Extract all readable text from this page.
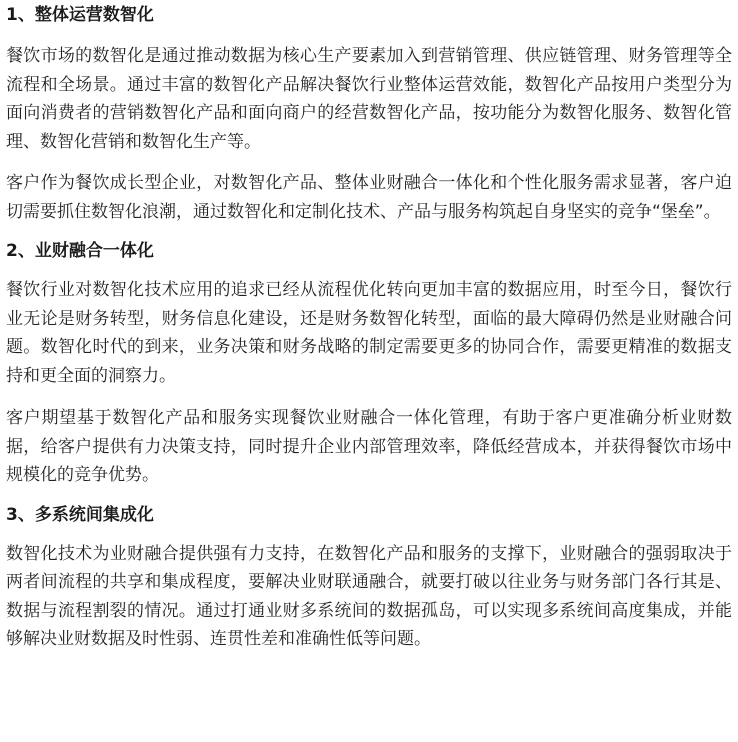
1、整体运营数智化

餐饮市场的数智化是通过推动数据为核心生产要素加入到营销管理、供应链管理、财务管理等全流程和全场景。通过丰富的数智化产品解决餐饮行业整体运营效能，数智化产品按用户类型分为面向消费者的营销数智化产品和面向商户的经营数智化产品，按功能分为数智化服务、数智化管理、数智化营销和数智化生产等。

客户作为餐饮成长型企业，对数智化产品、整体业财融合一体化和个性化服务需求显著，客户迫切需要抓住数智化浪潮，通过数智化和定制化技术、产品与服务构筑起自身坚实的竞争“堡垒”。

2、业财融合一体化

餐饮行业对数智化技术应用的追求已经从流程优化转向更加丰富的数据应用，时至今日，餐饮行业无论是财务转型，财务信息化建设，还是财务数智化转型，面临的最大障碍仍然是业财融合问题。数智化时代的到来，业务决策和财务战略的制定需要更多的协同合作，需要更精准的数据支持和更全面的洞察力。

客户期望基于数智化产品和服务实现餐饮业财融合一体化管理，有助于客户更准确分析业财数据，给客户提供有力决策支持，同时提升企业内部管理效率，降低经营成本，并获得餐饮市场中规模化的竞争优势。

3、多系统间集成化

数智化技术为业财融合提供强有力支持，在数智化产品和服务的支撑下，业财融合的强弱取决于两者间流程的共享和集成程度，要解决业财联通融合，就要打破以往业务与财务部门各行其是、数据与流程割裂的情况。通过打通业财多系统间的数据孤岛，可以实现多系统间高度集成，并能够解决业财数据及时性弱、连贯性差和准确性低等问题。
